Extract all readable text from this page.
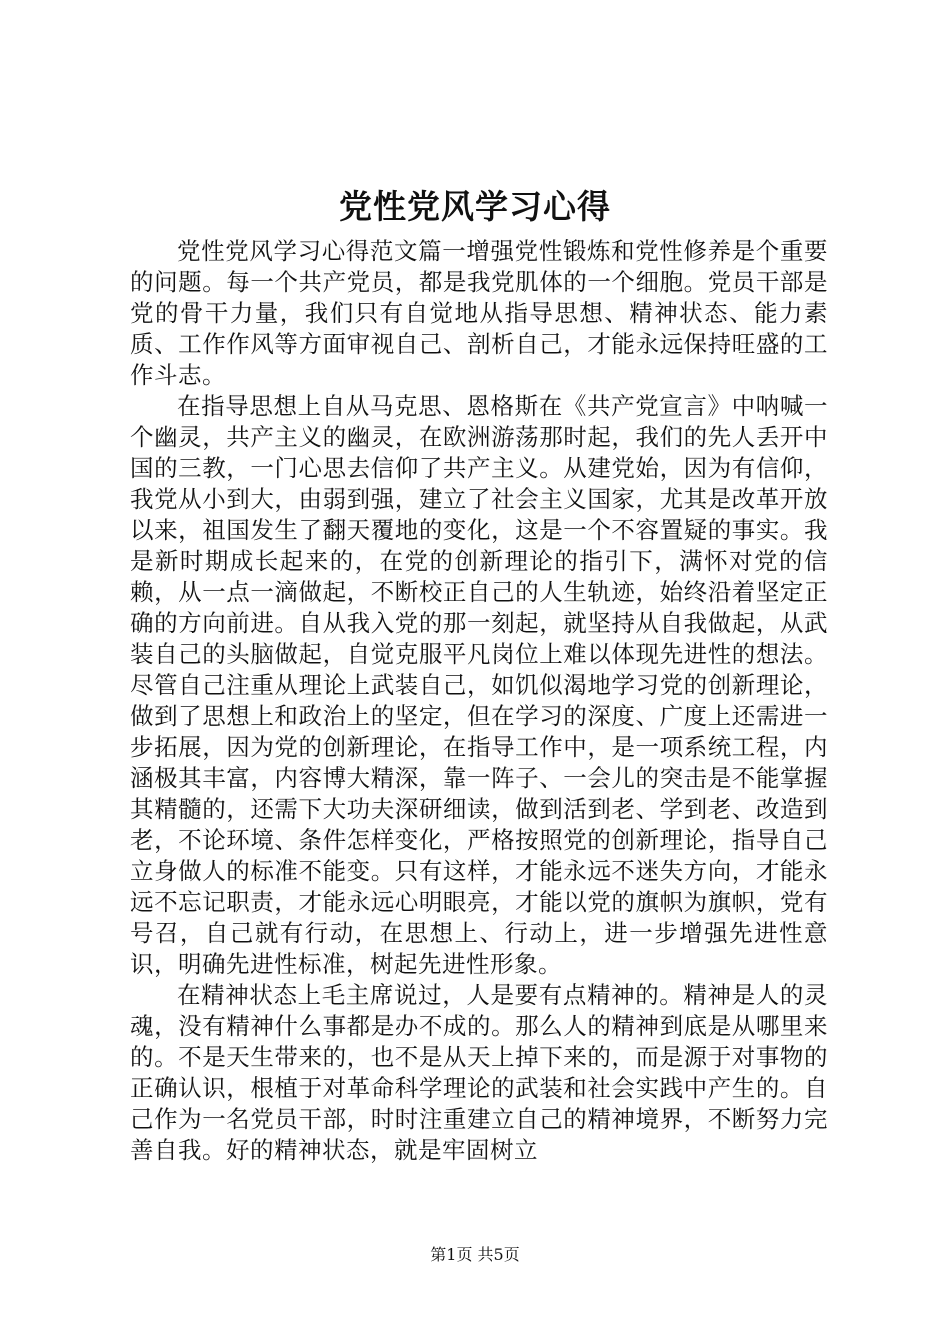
党性党风学习心得

党性党风学习心得范文篇一增强党性锻炼和党性修养是个重要的问题。每一个共产党员，都是我党肌体的一个细胞。党员干部是党的骨干力量，我们只有自觉地从指导思想、精神状态、能力素质、工作作风等方面审视自己、剖析自己，才能永远保持旺盛的工作斗志。

在指导思想上自从马克思、恩格斯在《共产党宣言》中呐喊一个幽灵，共产主义的幽灵，在欧洲游荡那时起，我们的先人丢开中国的三教，一门心思去信仰了共产主义。从建党始，因为有信仰，我党从小到大，由弱到强，建立了社会主义国家，尤其是改革开放以来，祖国发生了翻天覆地的变化，这是一个不容置疑的事实。我是新时期成长起来的，在党的创新理论的指引下，满怀对党的信赖，从一点一滴做起，不断校正自己的人生轨迹，始终沿着坚定正确的方向前进。自从我入党的那一刻起，就坚持从自我做起，从武装自己的头脑做起，自觉克服平凡岗位上难以体现先进性的想法。尽管自己注重从理论上武装自己，如饥似渴地学习党的创新理论，做到了思想上和政治上的坚定，但在学习的深度、广度上还需进一步拓展，因为党的创新理论，在指导工作中，是一项系统工程，内涵极其丰富，内容博大精深，靠一阵子、一会儿的突击是不能掌握其精髓的，还需下大功夫深研细读，做到活到老、学到老、改造到老，不论环境、条件怎样变化，严格按照党的创新理论，指导自己立身做人的标准不能变。只有这样，才能永远不迷失方向，才能永远不忘记职责，才能永远心明眼亮，才能以党的旗帜为旗帜，党有号召，自己就有行动，在思想上、行动上，进一步增强先进性意识，明确先进性标准，树起先进性形象。

在精神状态上毛主席说过，人是要有点精神的。精神是人的灵魂，没有精神什么事都是办不成的。那么人的精神到底是从哪里来的。不是天生带来的，也不是从天上掉下来的，而是源于对事物的正确认识，根植于对革命科学理论的武装和社会实践中产生的。自己作为一名党员干部，时时注重建立自己的精神境界，不断努力完善自我。好的精神状态，就是牢固树立

第1页 共5页
